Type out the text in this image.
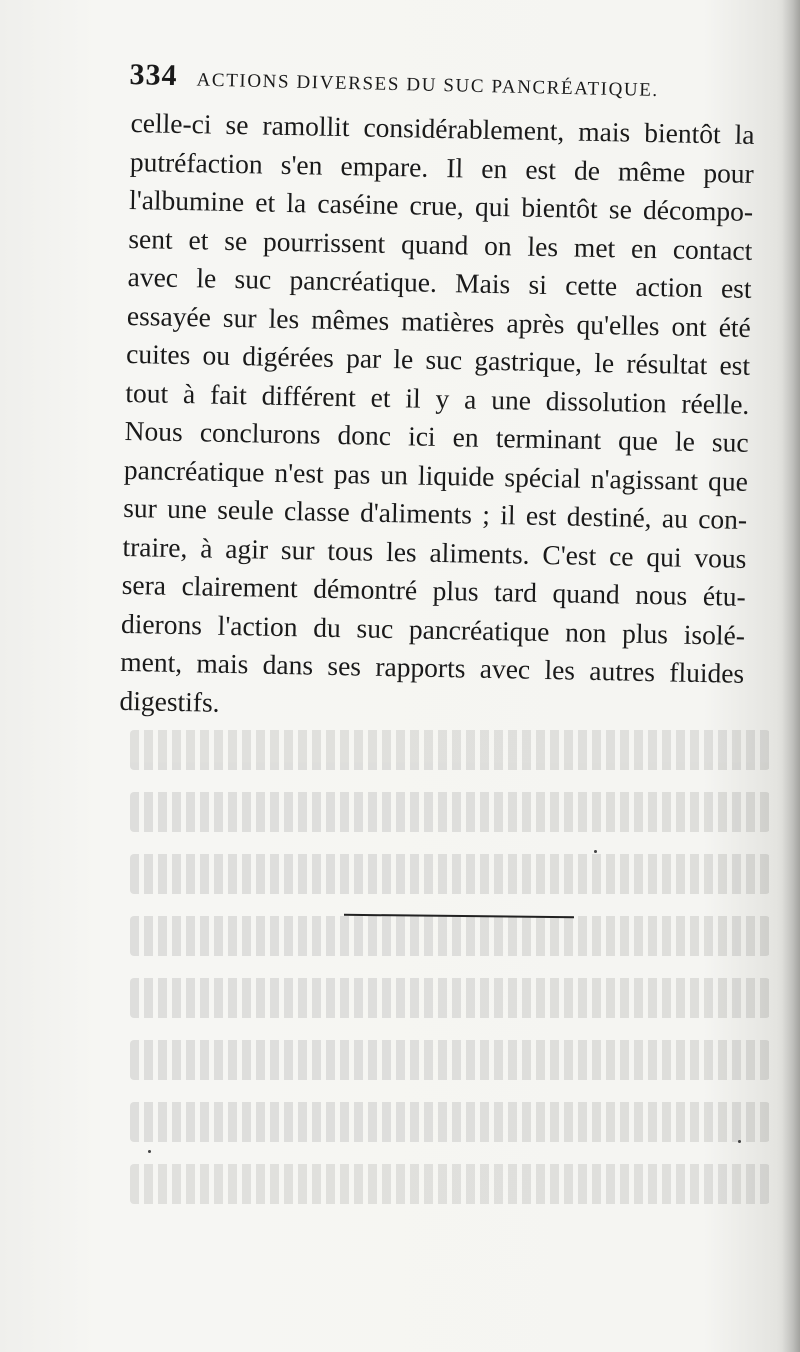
334 ACTIONS DIVERSES DU SUC PANCRÉATIQUE.
celle-ci se ramollit considérablement, mais bientôt la
putréfaction s'en empare. Il en est de même pour
l'albumine et la caséine crue, qui bientôt se décompo-
sent et se pourrissent quand on les met en contact
avec le suc pancréatique. Mais si cette action est
essayée sur les mêmes matières après qu'elles ont été
cuites ou digérées par le suc gastrique, le résultat est
tout à fait différent et il y a une dissolution réelle.
Nous conclurons donc ici en terminant que le suc
pancréatique n'est pas un liquide spécial n'agissant que
sur une seule classe d'aliments ; il est destiné, au con-
traire, à agir sur tous les aliments. C'est ce qui vous
sera clairement démontré plus tard quand nous étu-
dierons l'action du suc pancréatique non plus isolé-
ment, mais dans ses rapports avec les autres fluides
digestifs.
